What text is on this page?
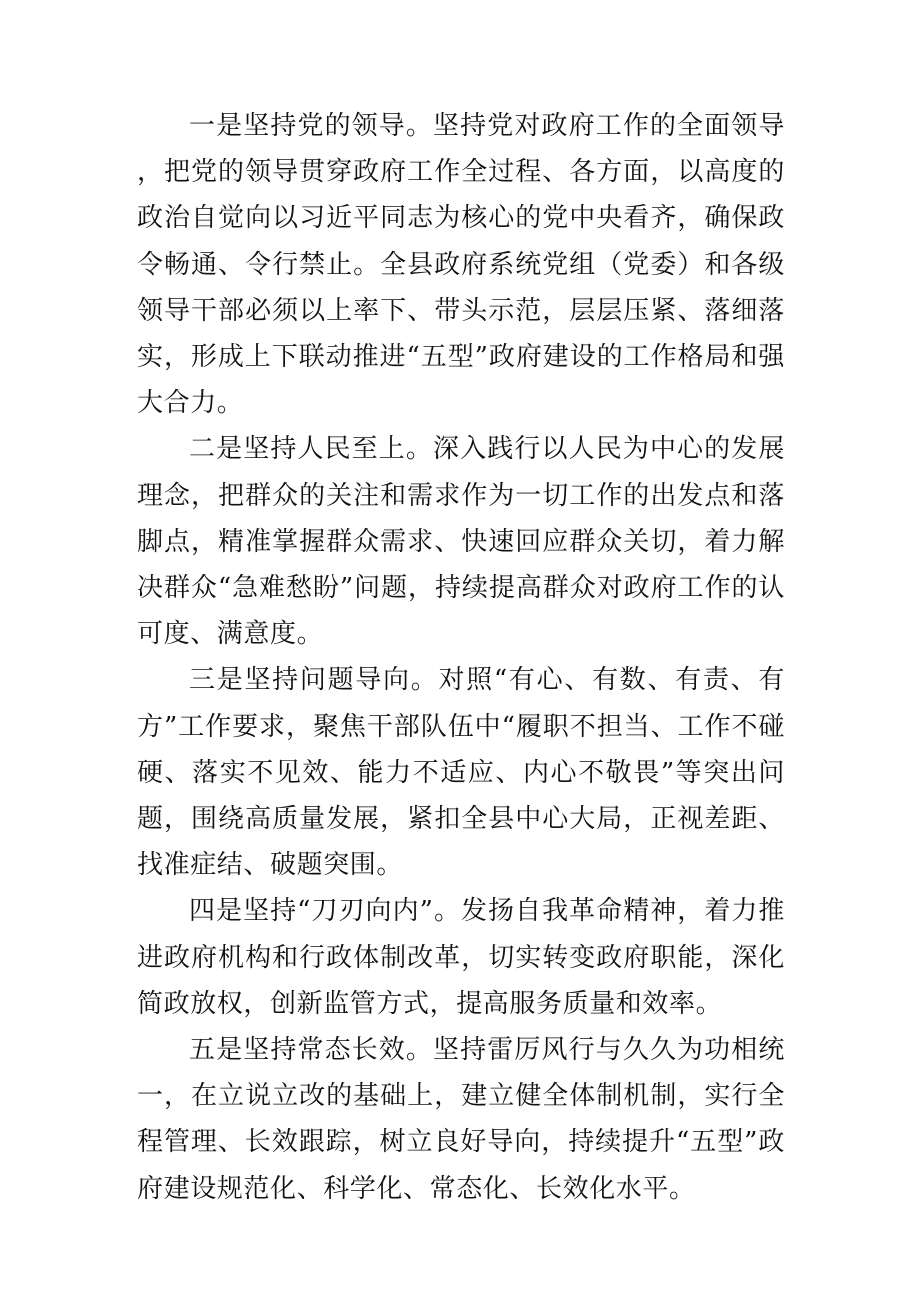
一是坚持党的领导。坚持党对政府工作的全面领导，把党的领导贯穿政府工作全过程、各方面，以高度的政治自觉向以习近平同志为核心的党中央看齐，确保政令畅通、令行禁止。全县政府系统党组（党委）和各级领导干部必须以上率下、带头示范，层层压紧、落细落实，形成上下联动推进“五型”政府建设的工作格局和强大合力。

二是坚持人民至上。深入践行以人民为中心的发展理念，把群众的关注和需求作为一切工作的出发点和落脚点，精准掌握群众需求、快速回应群众关切，着力解决群众“急难愁盼”问题，持续提高群众对政府工作的认可度、满意度。

三是坚持问题导向。对照“有心、有数、有责、有方”工作要求，聚焦干部队伍中“履职不担当、工作不碰硬、落实不见效、能力不适应、内心不敬畏”等突出问题，围绕高质量发展，紧扣全县中心大局，正视差距、找准症结、破题突围。

四是坚持“刀刃向内”。发扬自我革命精神，着力推进政府机构和行政体制改革，切实转变政府职能，深化简政放权，创新监管方式，提高服务质量和效率。

五是坚持常态长效。坚持雷厉风行与久久为功相统一，在立说立改的基础上，建立健全体制机制，实行全程管理、长效跟踪，树立良好导向，持续提升“五型”政府建设规范化、科学化、常态化、长效化水平。
